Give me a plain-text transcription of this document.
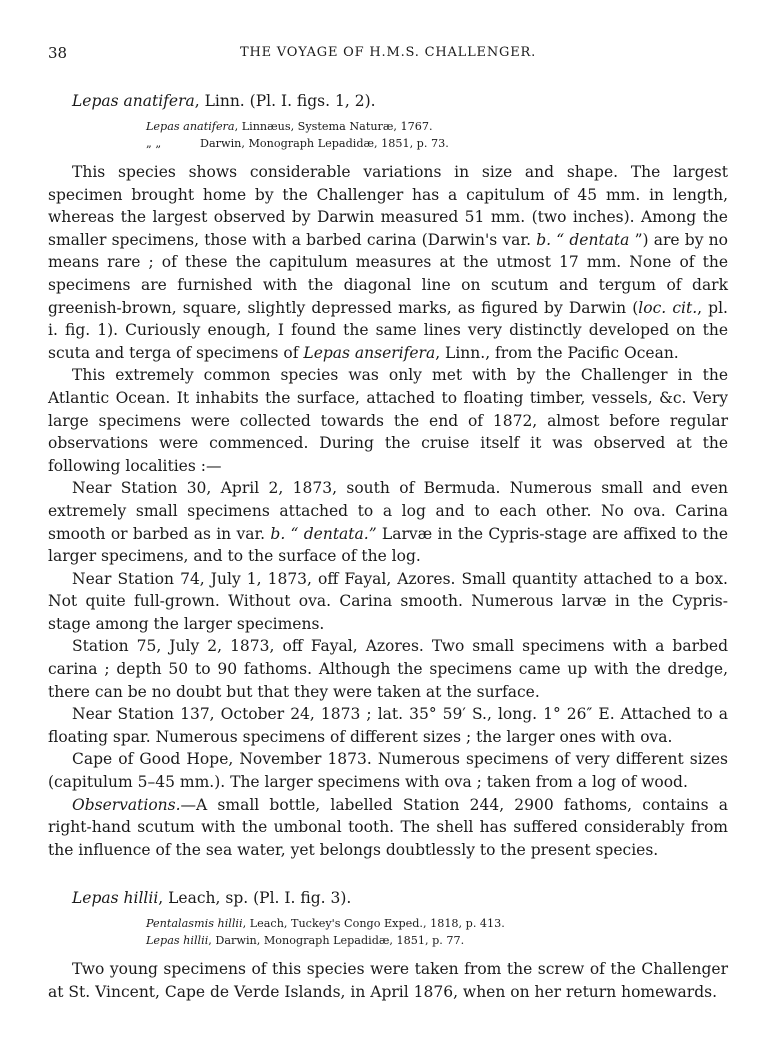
38	THE VOYAGE OF H.M.S. CHALLENGER.
Lepas anatifera, Linn. (Pl. I. figs. 1, 2).
Lepas anatifera, Linnæus, Systema Naturæ, 1767.
„ „	Darwin, Monograph Lepadidæ, 1851, p. 73.

This species shows considerable variations in size and shape. The largest specimen brought home by the Challenger has a capitulum of 45 mm. in length, whereas the largest observed by Darwin measured 51 mm. (two inches). Among the smaller specimens, those with a barbed carina (Darwin's var. b. “ dentata ”) are by no means rare ; of these the capitulum measures at the utmost 17 mm. None of the specimens are furnished with the diagonal line on scutum and tergum of dark greenish-brown, square, slightly depressed marks, as figured by Darwin (loc. cit., pl. i. fig. 1). Curiously enough, I found the same lines very distinctly developed on the scuta and terga of specimens of Lepas anserifera, Linn., from the Pacific Ocean.

This extremely common species was only met with by the Challenger in the Atlantic Ocean. It inhabits the surface, attached to floating timber, vessels, &c. Very large specimens were collected towards the end of 1872, almost before regular observations were commenced. During the cruise itself it was observed at the following localities :—

Near Station 30, April 2, 1873, south of Bermuda. Numerous small and even extremely small specimens attached to a log and to each other. No ova. Carina smooth or barbed as in var. b. “ dentata.” Larvæ in the Cypris-stage are affixed to the larger specimens, and to the surface of the log.

Near Station 74, July 1, 1873, off Fayal, Azores. Small quantity attached to a box. Not quite full-grown. Without ova. Carina smooth. Numerous larvæ in the Cypris-stage among the larger specimens.

Station 75, July 2, 1873, off Fayal, Azores. Two small specimens with a barbed carina ; depth 50 to 90 fathoms. Although the specimens came up with the dredge, there can be no doubt but that they were taken at the surface.

Near Station 137, October 24, 1873 ; lat. 35° 59′ S., long. 1° 26″ E. Attached to a floating spar. Numerous specimens of different sizes ; the larger ones with ova.

Cape of Good Hope, November 1873. Numerous specimens of very different sizes (capitulum 5–45 mm.). The larger specimens with ova ; taken from a log of wood.

Observations.—A small bottle, labelled Station 244, 2900 fathoms, contains a right-hand scutum with the umbonal tooth. The shell has suffered considerably from the influence of the sea water, yet belongs doubtlessly to the present species.

Lepas hillii, Leach, sp. (Pl. I. fig. 3).
Pentalasmis hillii, Leach, Tuckey's Congo Exped., 1818, p. 413.
Lepas hillii, Darwin, Monograph Lepadidæ, 1851, p. 77.

Two young specimens of this species were taken from the screw of the Challenger at St. Vincent, Cape de Verde Islands, in April 1876, when on her return homewards.
